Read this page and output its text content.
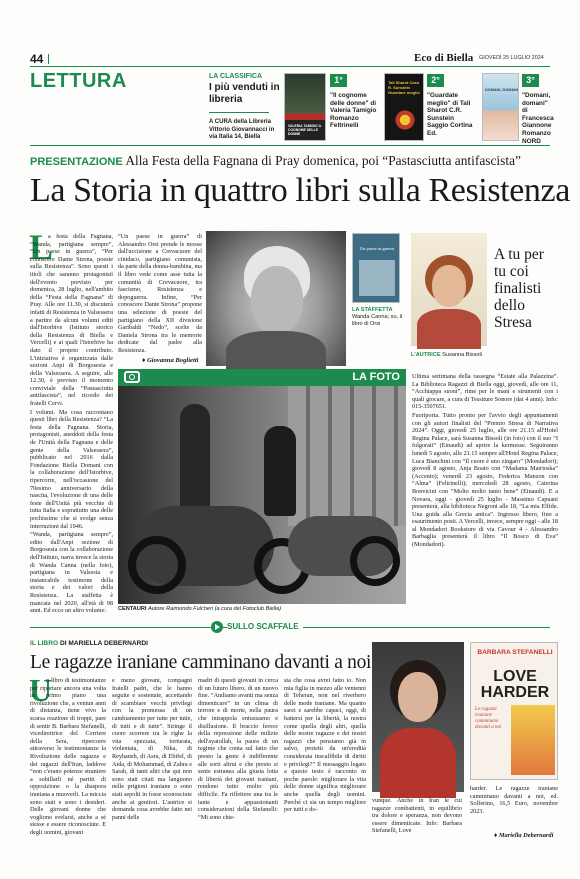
44	Eco di Biella GIOVEDÌ 25 LUGLIO 2024
LETTURA	LA CLASSIFICA
I più venduti in libreria
A CURA della Libreria Vittorio Giovannacci in via Italia 14, Biella
VALERIA TAMIGIO IL COGNOME DELLE DONNE
1°
"Il cognome delle donne" di Valeria Tamigio Romanzo Feltrinelli
Tali Sharot Cass R. Sunstein Guardare meglio
2°
"Guardate meglio" di Tali Sharot C.R. Sunstein Saggio Cortina Ed.
DOMANI, DOMANI
3°
"Domani, domani" di Francesca Giannone Romanzo NORD
PRESENTAZIONE Alla Festa della Fagnana di Pray domenica, poi “Pastasciutta antifascista”
La Storia in quattro libri sulla Resistenza
L

a festa della Fagnana, “Wanda, partigiana sempre”, “Un paese in guerra”, “Per conoscere Dante Strona, poesie sulla Resistenza”. Sono questi i titoli che saranno protagonisti dell'evento previsto per domenica, 28 luglio, nell'ambito della “Festa della Fagnana” di Pray. Alle ore 11.30, si discuterà infatti di Resistenza in Valsessera a partire da alcuni volumi editi dall'Istorbive (Istituto storico della Resistenza di Biella e Vercelli) e ai quali l'Istorbive ha dato il proprio contributo. L'iniziativa è organizzata dalle sezioni Anpi di Borgosesia e della Valsessera. A seguire, alle 12.30, è previsto il momento conviviale della “Pastasciutta antifascista”, nel ricordo dei fratelli Cervi.

I volumi. Ma cosa raccontano questi libri della Resistenza? “La festa della Fagnana. Storia, protagonisti, aneddoti della festa de l'Unità della Fagnana e delle gente della Valsessera”, pubblicato nel 2016 dalla Fondazione Biella Domani con la collaborazione dell'Istorbive, ripercorre, nell'occasione del 70esimo anniversario della nascita, l'evoluzione di una delle feste dell'Unità più vecchie di tutta Italia e soprattutto una delle pochissime che si svolge senza interruzioni dal 1946.

“Wanda, partigiana sempre”, edito dall'Anpi sezione di Borgosesia con la collaborazione dell'Istituto, narra invece la storia di Wanda Canna (nella foto), partigiana in Valsesia e instancabile testimone della storia e dei valori della Resistenza. La staffetta è mancata nel 2020, all'età di 98 anni. Ed ecco un altro volume:

“Un paese in guerra” di Alessandro Orsi prende le mosse dall'uccisione a Crevacuore del cinidaco, partigiano comunista, da parte della donna-bambina, ma il libro vede come asse tutta la comunità di Crevacuore, tra fascismo, Resistenza e dopoguerra. Infine, “Per conoscere Dante Strona” propone una selezione di poesie del partigiano della XII divisione Garibaldi “Nedo”, scelte da Daniela Strona tra le memorie dedicate dal padre alla Resistenza.

♦ Giovanna Boglietti
Un paese in guerra
LA STAFFETTA
Wanda Canna; su, il libro di Orsi
L'AUTRICE Susanna Bissoli
A tu per tu coi finalisti dello Stresa

Ultima settimana della rassegna “Estate alla Palazzina”. La Biblioteca Ragazzi di Biella oggi, giovedì, alle ore 11, “Acchiappa suoni”, rime per le mani e strumenti con i quali giocare, a cura di Tessiture Sonore (dai 4 anni). Info: 015-3507651.

Fuoriporta. Tutto pronto per l'avvio degli appuntamenti con gli autori finalisti del “Premio Stresa di Narrativa 2024”. Oggi, giovedì 25 luglio, alle ore 21.15 all'Hotel Regina Palace, sarà Susanna Bissoli (in foto) con il suo “I folgorati” (Einaudi) ad aprire la kermesse. Seguiranno lunedì 5 agosto, alle 21.15 sempre all'Hotel Regina Palace, Luca Bianchini con “Il cuore è uno zingaro” (Mondadori); giovedì 8 agosto, Anja Boato con “Madama Matrioska” (Accento); venerdì 23 agosto, Federica Manzon con “Alma” (Feltrinelli); mercoledì 28 agosto, Caterina Bonvicini con “Molto molto tanto bene” (Einaudi). E a Novara, oggi - giovedì 25 luglio - Massimo Capuani presenterà, alla biblioteca Negroni alle 18, “La mia Elfide. Una guida alla Grecia antica”. Ingresso libero, fino a esaurimento posti. A Vercelli, invece, sempre oggi - alle 18 al Mondadori Bookstore di via Cavour 4 - Alessandro Barbaglia presenterà il libro “Il Bosco di Eva” (Mondadori).

LA FOTO
CENTAURI Autore Raimondo Fulcheri (a cura del Fotoclub Biella)
SULLO SCAFFALE
IL LIBRO DI MARIELLA DEBERNARDI
Le ragazze iraniane camminano davanti a noi
U
n libro di testimonianze per riportare ancora una volta in primo piano una rivoluzione che, a ventun anni di distanza, tiene vivo la scarsa reazione di troppi, pare di sentir B. Barbara Stefanelli, vicedirettrice del Corriere della Sera, ripercorre attraverso le testimonianze la Rivoluzione delle ragazze e dei ragazzi dell'Iran, laddove “non c'erano potenze straniere a sobillarli né partiti di opposizione o la diaspora iraniana a muoverli. La miccia sono stati e sono i desideri. Delle giovani donne che vogliono svelarsi, anche a sé stesse e essere riconosciute. E degli uomini, giovani
e meno giovani, compagni fratelli padri, che le hanno seguite e sostenute, accettando di scambiare vecchi privilegi con la promessa di un cambiamento per tutte per tutte, di tutti e di tutte”. Stringe il cuore scorrere tra le righe la vita spezzata, torturata, violentata, di Nika, di Reyhaneh, di Asra, di Ebifel, di Aida, di Mohammad, di Zahra e Sarah, di tanti altri che qui non sono stati citati ma languono nelle prigioni iraniane o sono stati sepolti in fosse sconosciute anche ai genitori. L'autrice si domanda cosa avrebbe fatto nei panni delle
madri di questi giovani in cerca di un futuro libero, di un nuovo fine. “Andiamo avanti ma senza dimenticare” in un clima di terrore e di morte, nella paura che intrappola entusiasmo e disillusione. Il braccio feroce della repressione delle milizie dell'ayatollah, la paura di un regime che conta sul fatto che presto la gente è indifferente alle sorti altrui e che presto si sente estranea alla giusta lotta di libertà dei giovani iraniani, rendono tutto molto più difficile. Fa riflettere una tra le tante e appassionanti considerazioni della Stefanelli: “Mi sono chie-
sta che cosa avrei fatto io. Non mia figlia in mezzo alle ventenni di Teheran, non nel riverbero delle mode iraniane. Ma quanto sarei e sarebbe capaci, oggi, di battersi per la libertà, la nostra come quella degli altri, quella delle nostre ragazze e dei nostri ragazzi che pensiamo già in salvo, protetti da un'eredità considerata inscalfibile di diritti e privilegi?” Il messaggio legato a questo testo è racconto in poche parole: migliorare la vita delle donne significa migliorare anche quella degli uomini. Perché ci sia un tempo migliore per tutti e do-
vunque. Anche in Iran le cui ragazze combattenti, in equilibrio tra dolore e speranza, non devono essere dimenticate. Info: Barbara Stefanelli, Love
BARBARA STEFANELLI
LOVE HARDER
Le ragazze iraniane camminano davanti a noi
harder. Le ragazze iraniane camminano davanti a noi, ed. Solferino, 16,5 Euro, novembre 2023.
♦ Mariella Debernardi
